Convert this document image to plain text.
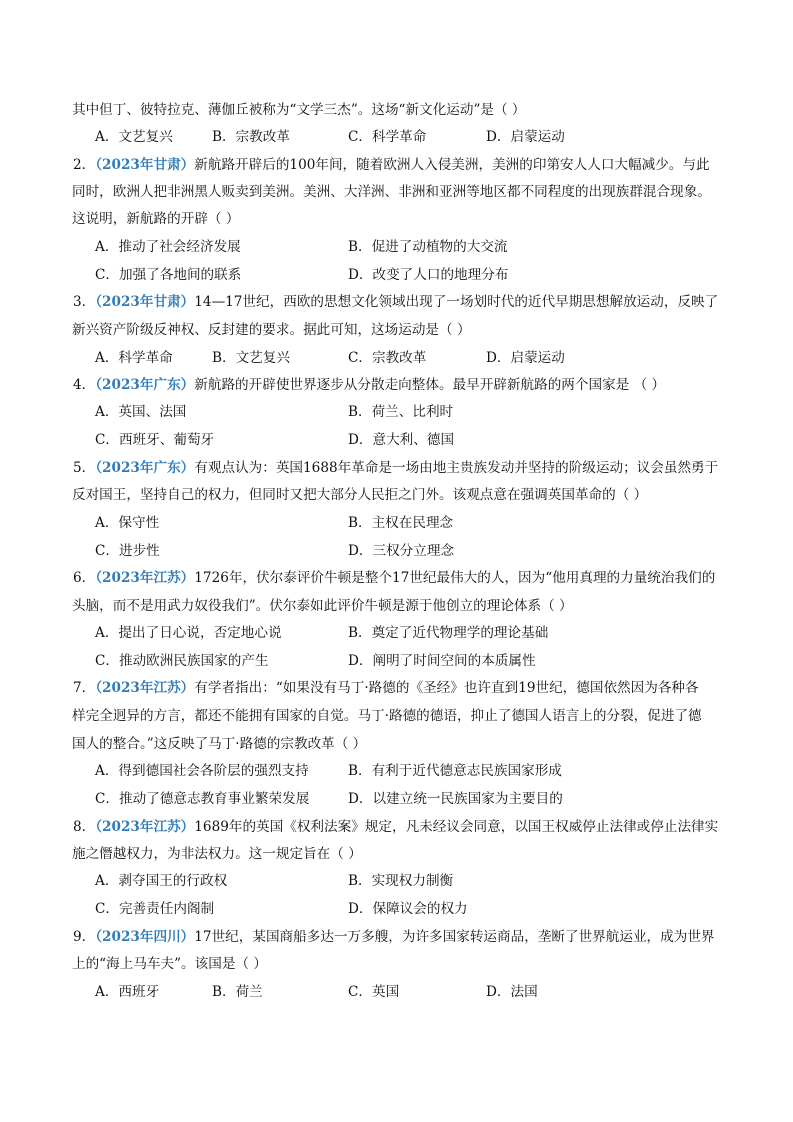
其中但丁、彼特拉克、薄伽丘被称为“文学三杰”。这场“新文化运动”是（ ）
A．文艺复兴	B．宗教改革	C．科学革命	D．启蒙运动
2．（2023年甘肃）新航路开辟后的100年间，随着欧洲人入侵美洲，美洲的印第安人人口大幅减少。与此
同时，欧洲人把非洲黑人贩卖到美洲。美洲、大洋洲、非洲和亚洲等地区都不同程度的出现族群混合现象。
这说明，新航路的开辟（ ）
A．推动了社会经济发展	B．促进了动植物的大交流
C．加强了各地间的联系	D．改变了人口的地理分布
3．（2023年甘肃）14—17世纪，西欧的思想文化领域出现了一场划时代的近代早期思想解放运动，反映了
新兴资产阶级反神权、反封建的要求。据此可知，这场运动是（ ）
A．科学革命	B．文艺复兴	C．宗教改革	D．启蒙运动
4．（2023年广东）新航路的开辟使世界逐步从分散走向整体。最早开辟新航路的两个国家是 （ ）
A．英国、法国	B．荷兰、比利时
C．西班牙、葡萄牙	D．意大利、德国
5．（2023年广东）有观点认为：英国1688年革命是一场由地主贵族发动并坚持的阶级运动；议会虽然勇于
反对国王，坚持自己的权力，但同时又把大部分人民拒之门外。该观点意在强调英国革命的（ ）
A．保守性	B．主权在民理念
C．进步性	D．三权分立理念
6．（2023年江苏）1726年，伏尔泰评价牛顿是整个17世纪最伟大的人，因为“他用真理的力量统治我们的
头脑，而不是用武力奴役我们”。伏尔泰如此评价牛顿是源于他创立的理论体系（ ）
A．提出了日心说，否定地心说	B．奠定了近代物理学的理论基础
C．推动欧洲民族国家的产生	D．阐明了时间空间的本质属性
7．（2023年江苏）有学者指出：“如果没有马丁·路德的《圣经》也许直到19世纪，德国依然因为各种各
样完全迥异的方言，都还不能拥有国家的自觉。马丁·路德的德语，抑止了德国人语言上的分裂，促进了德
国人的整合。”这反映了马丁·路德的宗教改革（ ）
A．得到德国社会各阶层的强烈支持	B．有利于近代德意志民族国家形成
C．推动了德意志教育事业繁荣发展	D．以建立统一民族国家为主要目的
8．（2023年江苏）1689年的英国《权利法案》规定，凡未经议会同意，以国王权威停止法律或停止法律实
施之僭越权力，为非法权力。这一规定旨在（ ）
A．剥夺国王的行政权	B．实现权力制衡
C．完善责任内阁制	D．保障议会的权力
9．（2023年四川）17世纪，某国商船多达一万多艘，为许多国家转运商品，垄断了世界航运业，成为世界
上的“海上马车夫”。该国是（ ）
A．西班牙	B．荷兰	C．英国	D．法国
